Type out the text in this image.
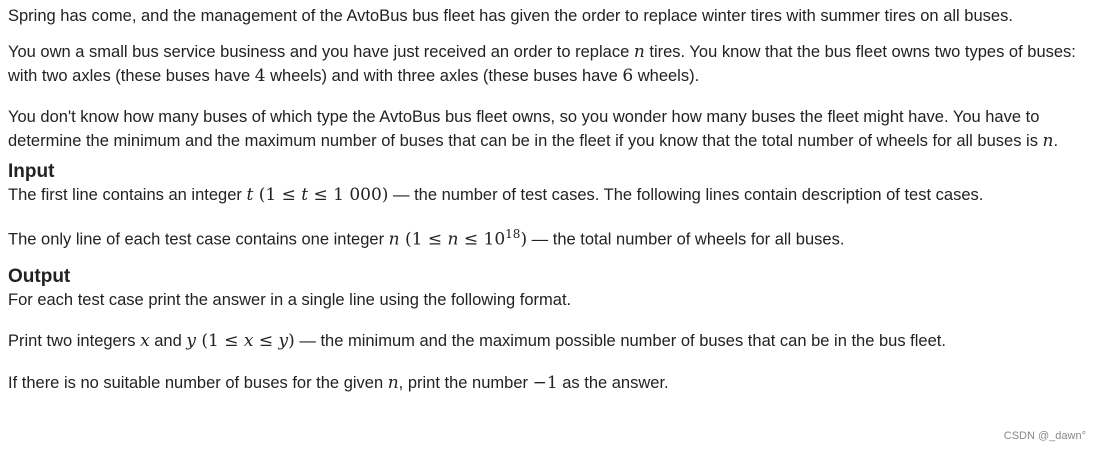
Spring has come, and the management of the AvtoBus bus fleet has given the order to replace winter tires with summer tires on all buses.

You own a small bus service business and you have just received an order to replace n tires. You know that the bus fleet owns two types of buses: with two axles (these buses have 4 wheels) and with three axles (these buses have 6 wheels).

You don't know how many buses of which type the AvtoBus bus fleet owns, so you wonder how many buses the fleet might have. You have to determine the minimum and the maximum number of buses that can be in the fleet if you know that the total number of wheels for all buses is n.

Input

The first line contains an integer t (1 ≤ t ≤ 1 000) — the number of test cases. The following lines contain description of test cases.

The only line of each test case contains one integer n $(1 \le n \le 10^{18})$ — the total number of wheels for all buses.

Output

For each test case print the answer in a single line using the following format.

Print two integers x and y (1 ≤ x ≤ y) — the minimum and the maximum possible number of buses that can be in the bus fleet.

If there is no suitable number of buses for the given n, print the number −1 as the answer.

CSDN @_dawn°
